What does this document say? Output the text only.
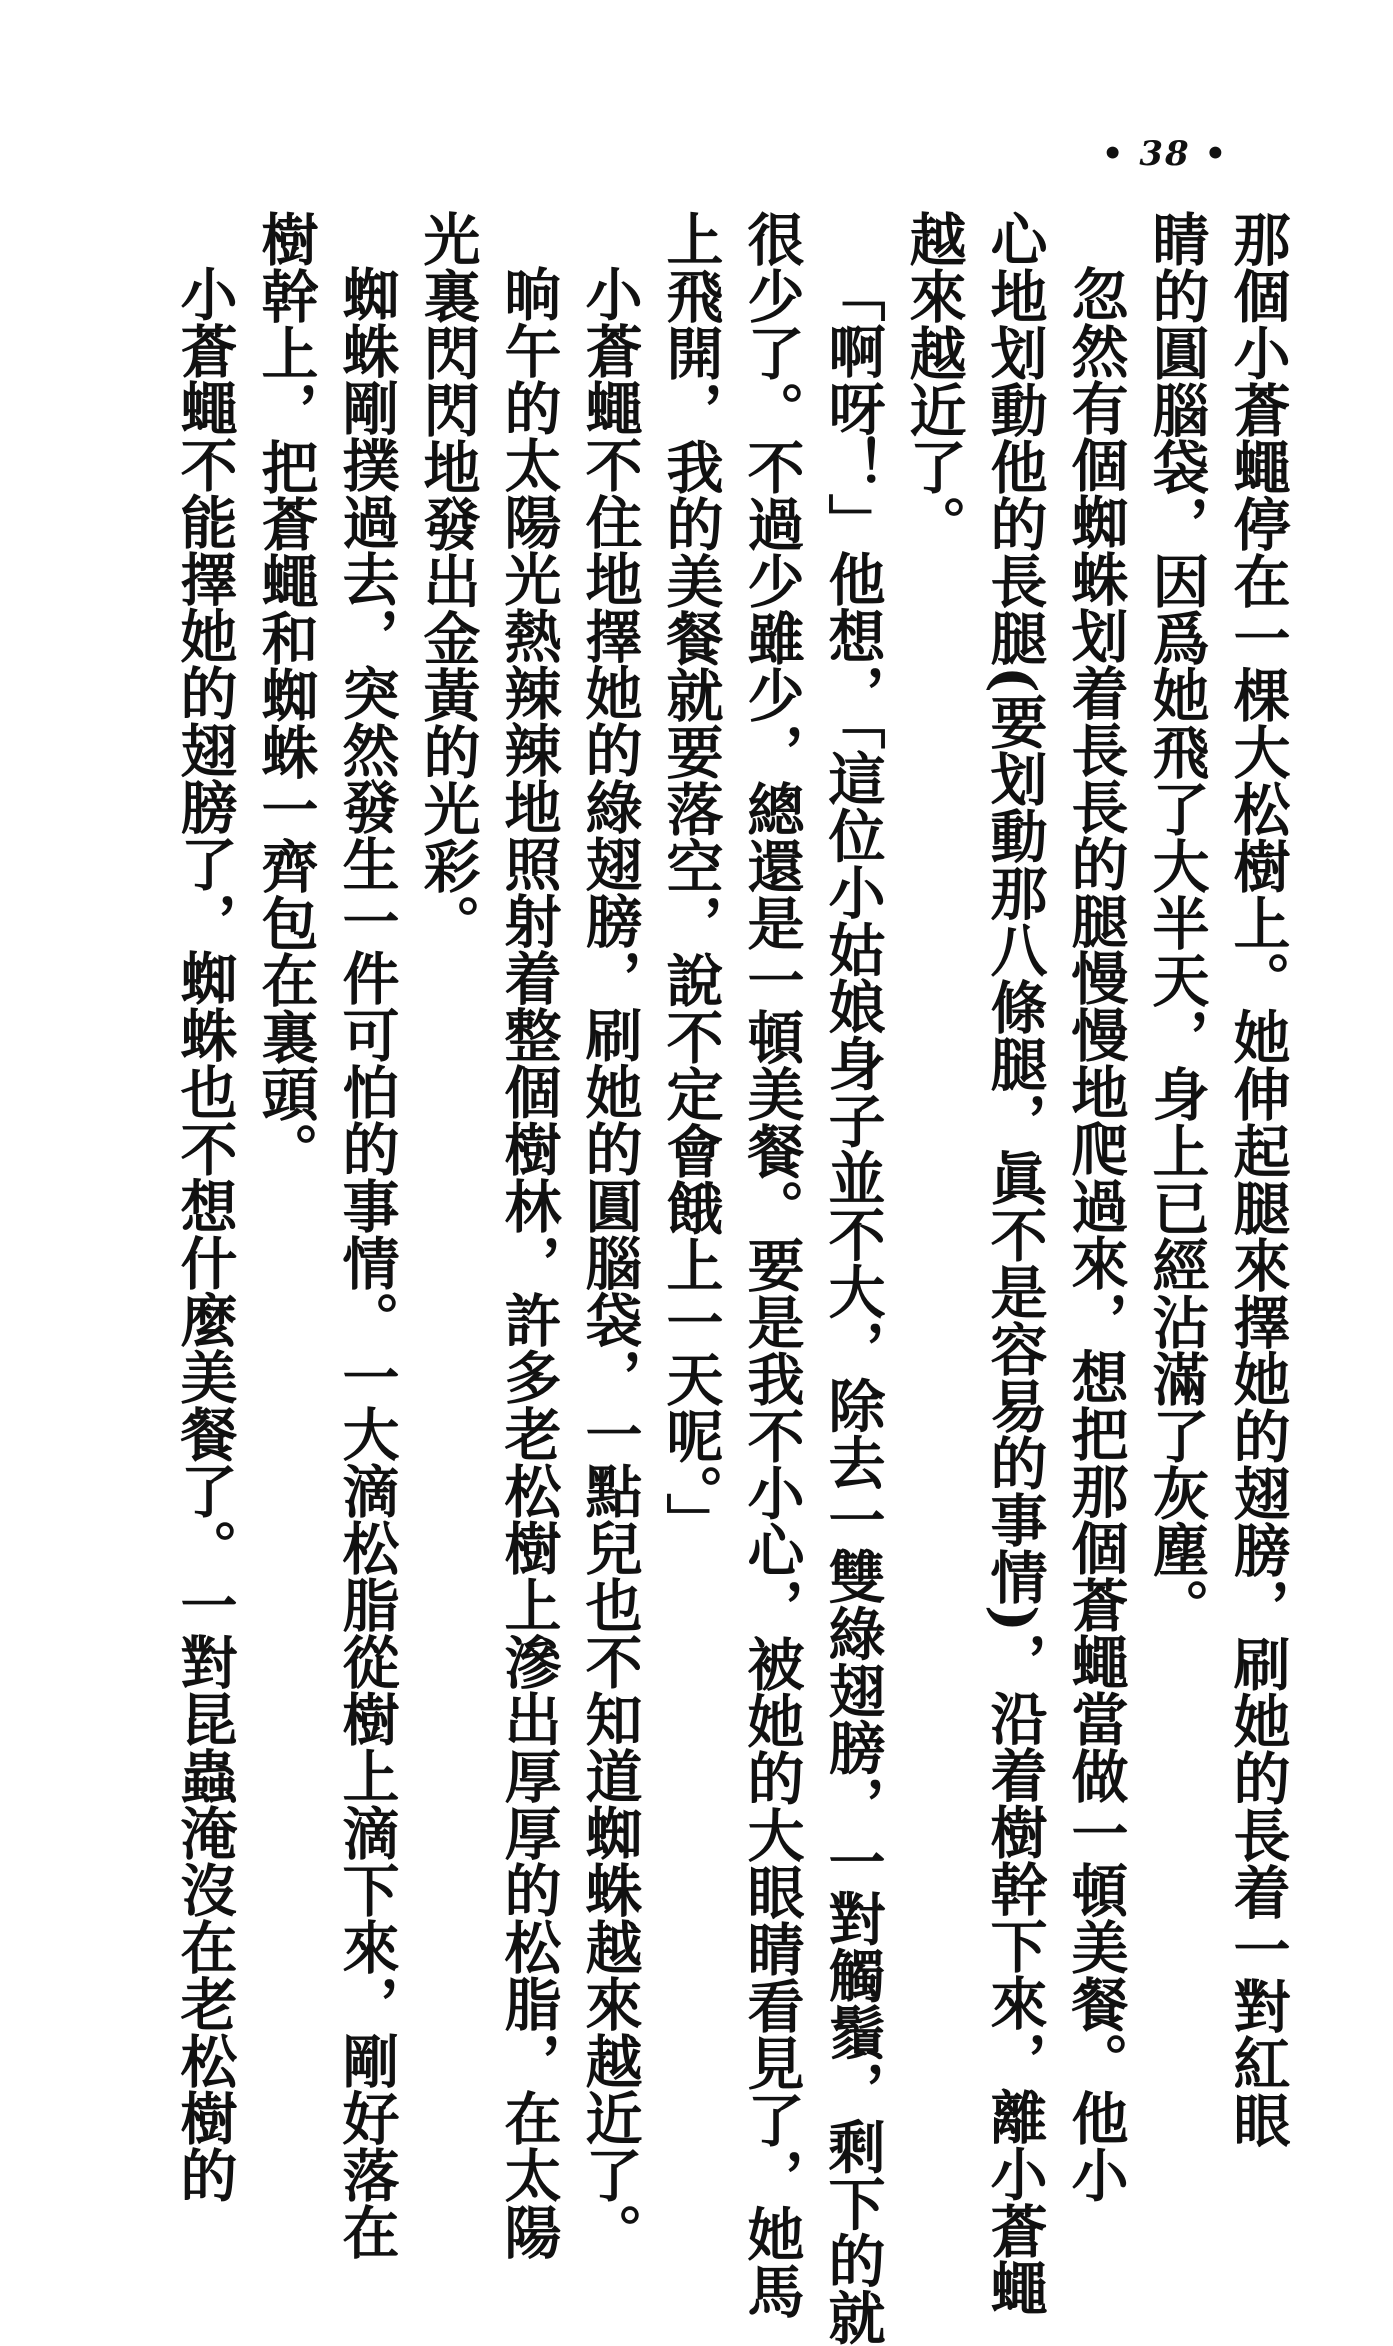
• 38 •
那個小蒼蠅停在一棵大松樹上。她伸起腿來擇她的翅膀，刷她的長着一對紅眼
睛的圓腦袋，因爲她飛了大半天，身上已經沾滿了灰塵。
忽然有個蜘蛛划着長長的腿慢慢地爬過來，想把那個蒼蠅當做一頓美餐。他小
心地划動他的長腿(要划動那八條腿，眞不是容易的事情)，沿着樹幹下來，離小蒼蠅
越來越近了。
「啊呀！」他想，「這位小姑娘身子並不大，除去一雙綠翅膀，一對觸鬚，剩下的就
很少了。不過少雖少，總還是一頓美餐。要是我不小心，被她的大眼睛看見了，她馬
上飛開，我的美餐就要落空，說不定會餓上一天呢。」
小蒼蠅不住地擇她的綠翅膀，刷她的圓腦袋，一點兒也不知道蜘蛛越來越近了。
晌午的太陽光熱辣辣地照射着整個樹林，許多老松樹上滲出厚厚的松脂，在太陽
光裏閃閃地發出金黃的光彩。
蜘蛛剛撲過去，突然發生一件可怕的事情。一大滴松脂從樹上滴下來，剛好落在
樹幹上，把蒼蠅和蜘蛛一齊包在裏頭。
小蒼蠅不能擇她的翅膀了，蜘蛛也不想什麼美餐了。一對昆蟲淹沒在老松樹的
